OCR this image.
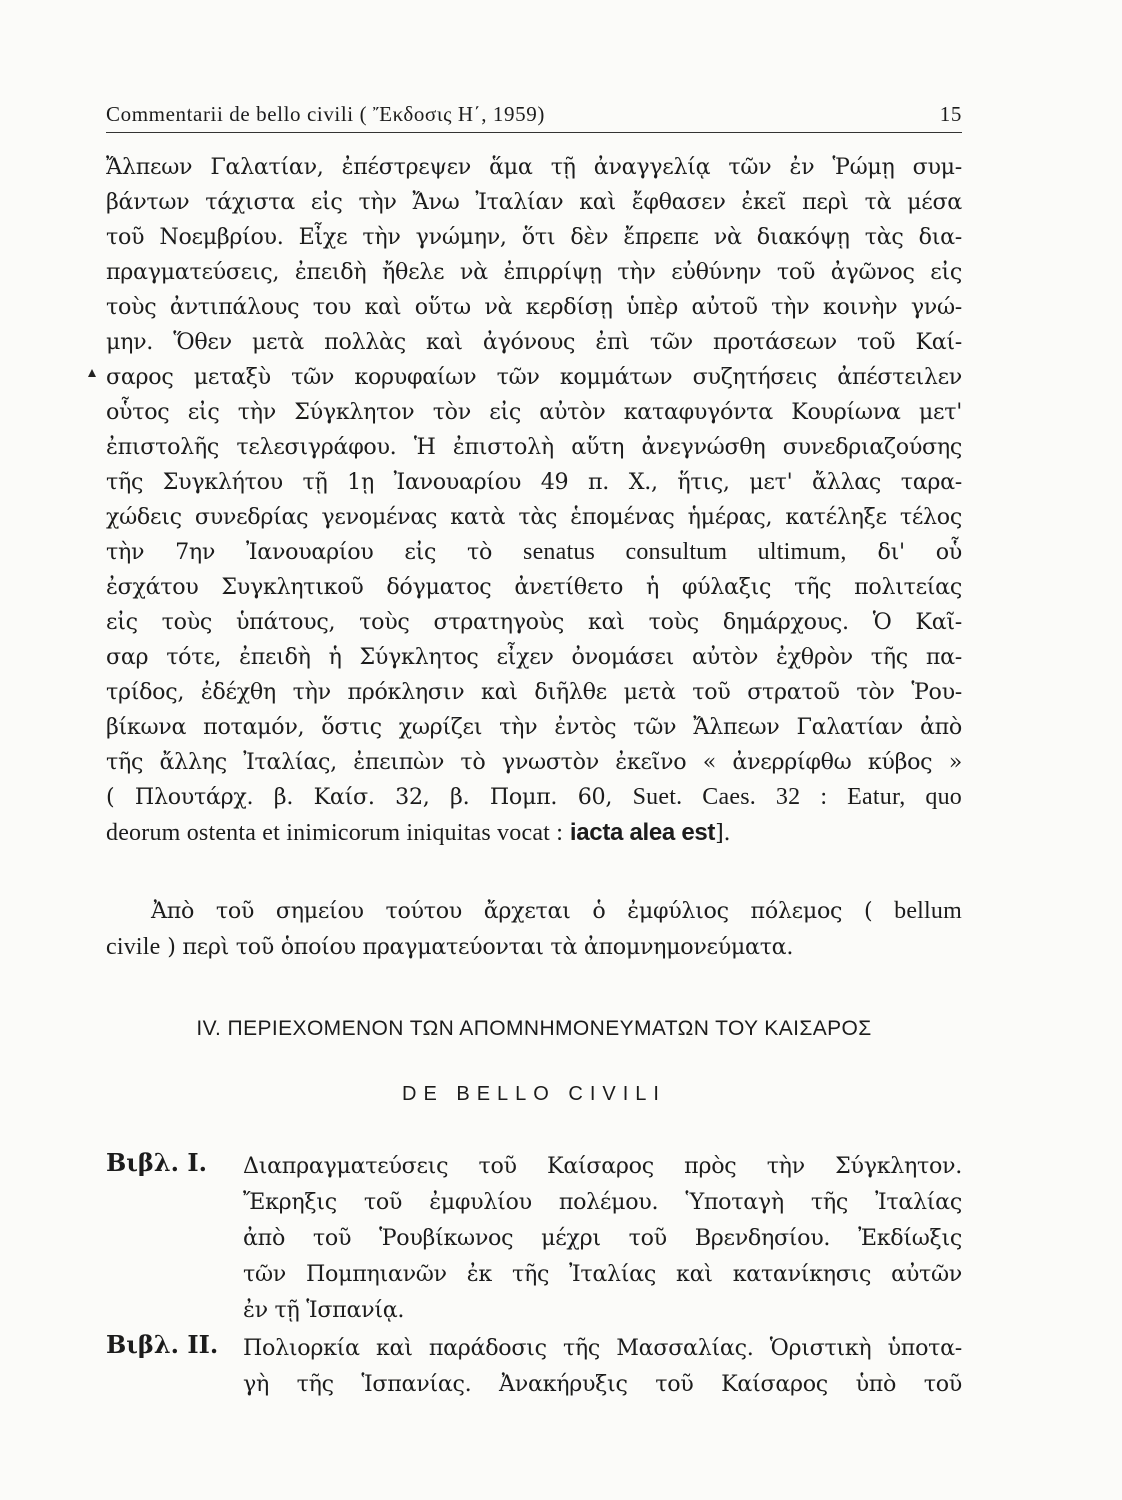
Commentarii de bello civili ( Ἔκδοσις Η΄, 1959)	15
Ἄλπεων Γαλατίαν, ἐπέστρεψεν ἅμα τῇ ἀναγγελίᾳ τῶν ἐν Ῥώμῃ συμ-
βάντων τάχιστα εἰς τὴν Ἄνω Ἰταλίαν καὶ ἔφθασεν ἐκεῖ περὶ τὰ μέσα
τοῦ Νοεμβρίου. Εἶχε τὴν γνώμην, ὅτι δὲν ἔπρεπε νὰ διακόψῃ τὰς δια-
πραγματεύσεις, ἐπειδὴ ἤθελε νὰ ἐπιρρίψῃ τὴν εὐθύνην τοῦ ἀγῶνος εἰς
τοὺς ἀντιπάλους του καὶ οὕτω νὰ κερδίσῃ ὑπὲρ αὐτοῦ τὴν κοινὴν γνώ-
μην. Ὅθεν μετὰ πολλὰς καὶ ἀγόνους ἐπὶ τῶν προτάσεων τοῦ Καί-
σαρος μεταξὺ τῶν κορυφαίων τῶν κομμάτων συζητήσεις ἀπέστειλεν
οὗτος εἰς τὴν Σύγκλητον τὸν εἰς αὐτὸν καταφυγόντα Κουρίωνα μετ'
ἐπιστολῆς τελεσιγράφου. Ἡ ἐπιστολὴ αὕτη ἀνεγνώσθη συνεδριαζούσης
τῆς Συγκλήτου τῇ 1ῃ Ἰανουαρίου 49 π. Χ., ἥτις, μετ' ἄλλας ταρα-
χώδεις συνεδρίας γενομένας κατὰ τὰς ἑπομένας ἡμέρας, κατέληξε τέλος
τὴν 7ην Ἰανουαρίου εἰς τὸ senatus consultum ultimum, δι' οὗ
ἐσχάτου Συγκλητικοῦ δόγματος ἀνετίθετο ἡ φύλαξις τῆς πολιτείας
εἰς τοὺς ὑπάτους, τοὺς στρατηγοὺς καὶ τοὺς δημάρχους. Ὁ Καῖ-
σαρ τότε, ἐπειδὴ ἡ Σύγκλητος εἶχεν ὀνομάσει αὐτὸν ἐχθρὸν τῆς πα-
τρίδος, ἐδέχθη τὴν πρόκλησιν καὶ διῆλθε μετὰ τοῦ στρατοῦ τὸν Ῥου-
βίκωνα ποταμόν, ὅστις χωρίζει τὴν ἐντὸς τῶν Ἄλπεων Γαλατίαν ἀπὸ
τῆς ἄλλης Ἰταλίας, ἐπειπὼν τὸ γνωστὸν ἐκεῖνο « ἀνερρίφθω κύβος »
( Πλουτάρχ. β. Καίσ. 32, β. Πομπ. 60, Suet. Caes. 32 : Eatur, quo
deorum ostenta et inimicorum iniquitas vocat : iacta alea est].
Ἀπὸ τοῦ σημείου τούτου ἄρχεται ὁ ἐμφύλιος πόλεμος ( bellum
civile ) περὶ τοῦ ὁποίου πραγματεύονται τὰ ἀπομνημονεύματα.
IV. ΠΕΡΙΕΧΟΜΕΝΟΝ ΤΩΝ ΑΠΟΜΝΗΜΟΝΕΥΜΑΤΩΝ ΤΟΥ ΚΑΙΣΑΡΟΣ
DE BELLO CIVILI
Βιβλ. Ι.	Διαπραγματεύσεις τοῦ Καίσαρος πρὸς τὴν Σύγκλητον.
Ἔκρηξις τοῦ ἐμφυλίου πολέμου. Ὑποταγὴ τῆς Ἰταλίας
ἀπὸ τοῦ Ῥουβίκωνος μέχρι τοῦ Βρενδησίου. Ἐκδίωξις
τῶν Πομπηιανῶν ἐκ τῆς Ἰταλίας καὶ κατανίκησις αὐτῶν
ἐν τῇ Ἱσπανίᾳ.
Βιβλ. ΙΙ.	Πολιορκία καὶ παράδοσις τῆς Μασσαλίας. Ὁριστικὴ ὑποτα-
γὴ τῆς Ἱσπανίας. Ἀνακήρυξις τοῦ Καίσαρος ὑπὸ τοῦ
